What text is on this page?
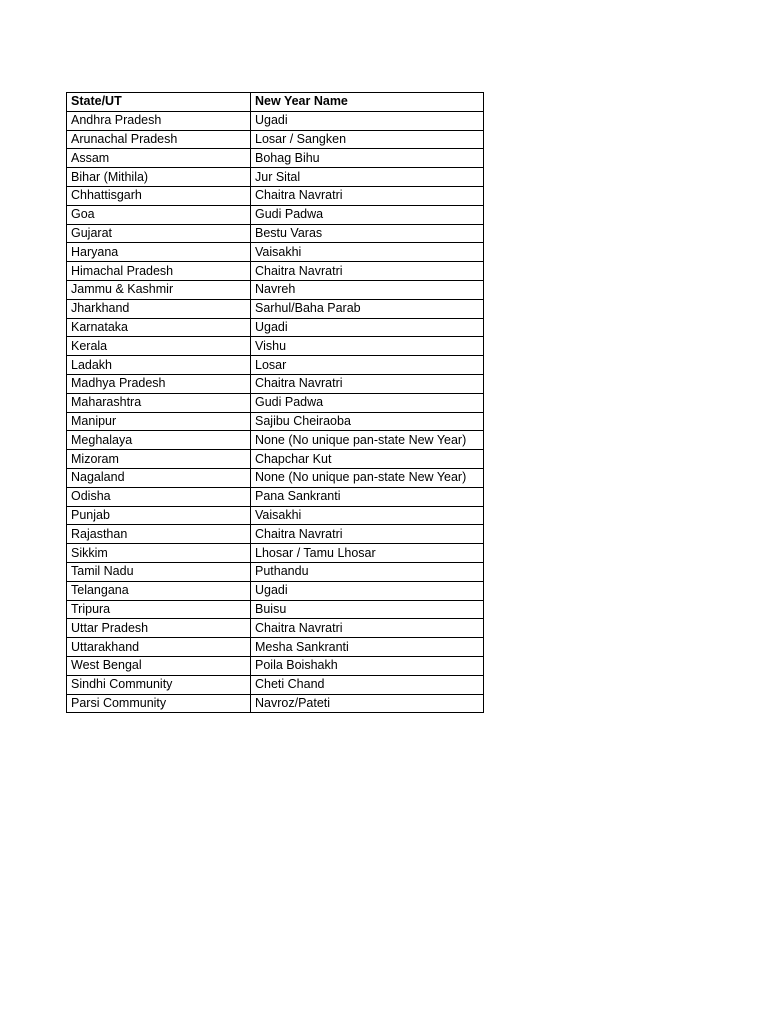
State/UT	New Year Name
Andhra Pradesh	Ugadi
Arunachal Pradesh	Losar / Sangken
Assam	Bohag Bihu
Bihar (Mithila)	Jur Sital
Chhattisgarh	Chaitra Navratri
Goa	Gudi Padwa
Gujarat	Bestu Varas
Haryana	Vaisakhi
Himachal Pradesh	Chaitra Navratri
Jammu & Kashmir	Navreh
Jharkhand	Sarhul/Baha Parab
Karnataka	Ugadi
Kerala	Vishu
Ladakh	Losar
Madhya Pradesh	Chaitra Navratri
Maharashtra	Gudi Padwa
Manipur	Sajibu Cheiraoba
Meghalaya	None (No unique pan-state New Year)
Mizoram	Chapchar Kut
Nagaland	None (No unique pan-state New Year)
Odisha	Pana Sankranti
Punjab	Vaisakhi
Rajasthan	Chaitra Navratri
Sikkim	Lhosar / Tamu Lhosar
Tamil Nadu	Puthandu
Telangana	Ugadi
Tripura	Buisu
Uttar Pradesh	Chaitra Navratri
Uttarakhand	Mesha Sankranti
West Bengal	Poila Boishakh
Sindhi Community	Cheti Chand
Parsi Community	Navroz/Pateti
